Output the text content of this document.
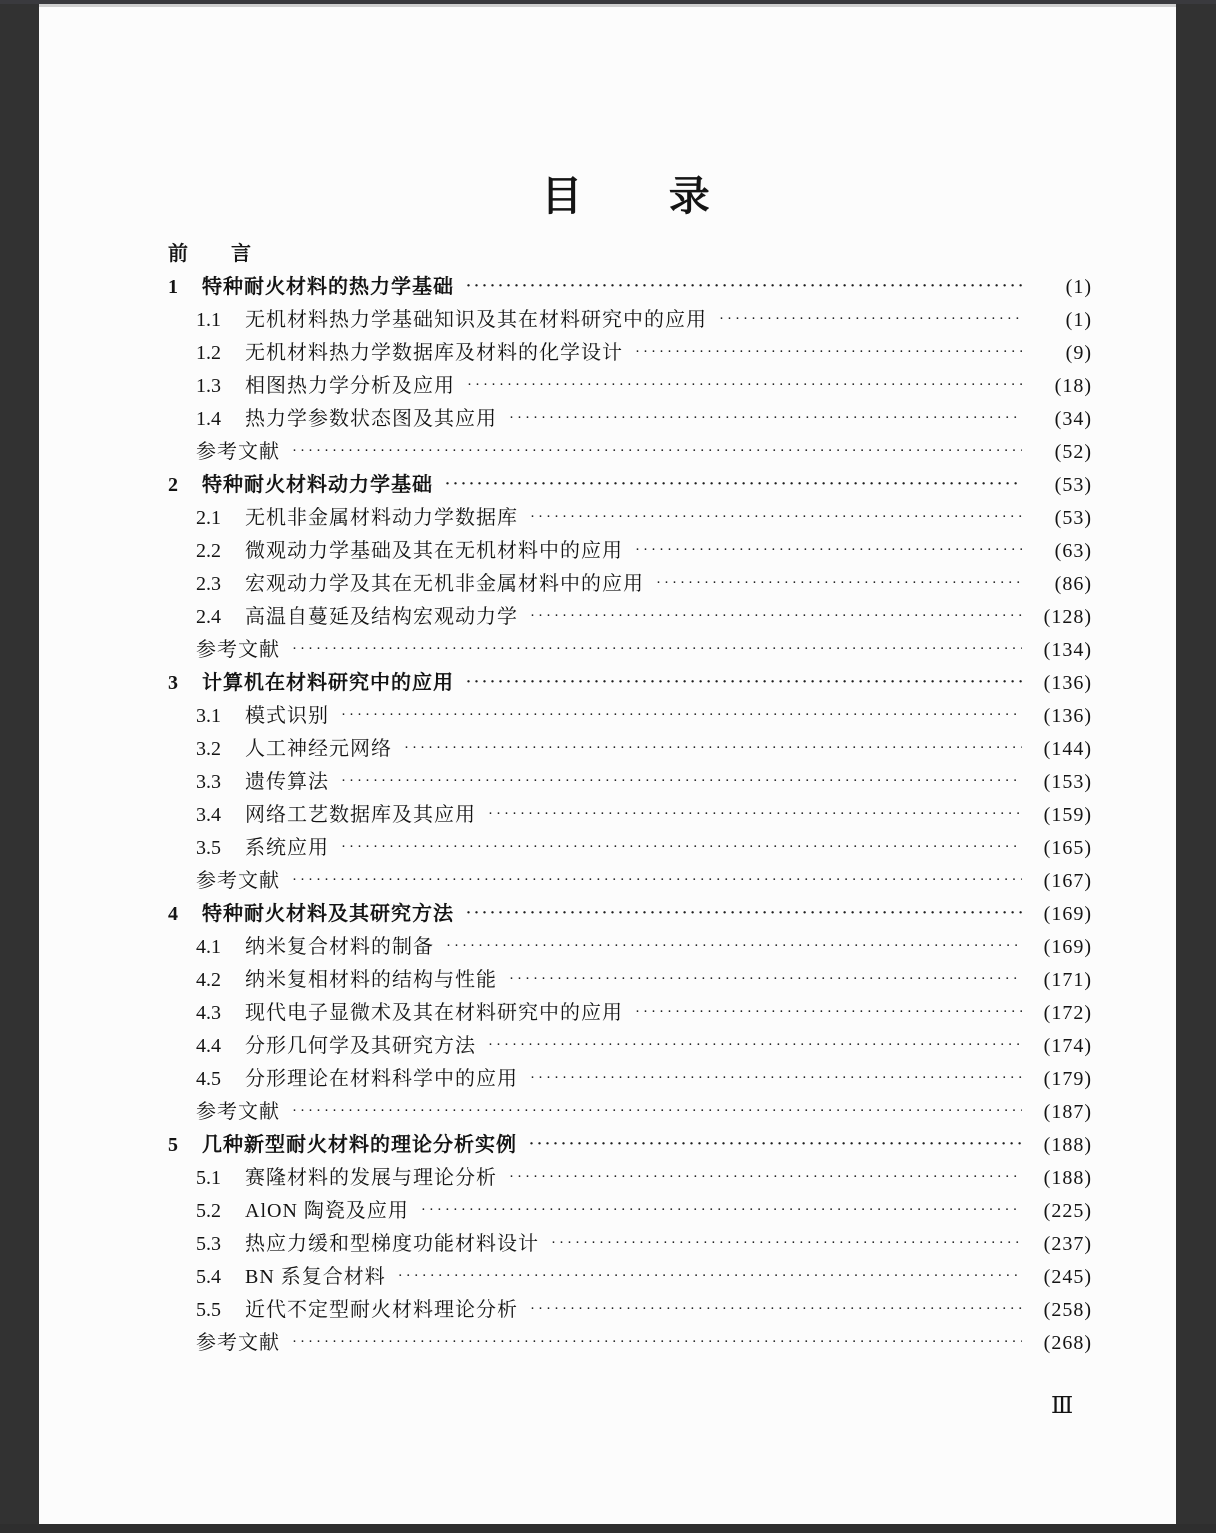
目  录
前  言
1	特种耐火材料的热力学基础 ·····	(1)
1.1	无机材料热力学基础知识及其在材料研究中的应用 ·····	(1)
1.2	无机材料热力学数据库及材料的化学设计 ·····	(9)
1.3	相图热力学分析及应用 ·····	(18)
1.4	热力学参数状态图及其应用 ·····	(34)
参考文献 ·····	(52)
2	特种耐火材料动力学基础 ·····	(53)
2.1	无机非金属材料动力学数据库 ·····	(53)
2.2	微观动力学基础及其在无机材料中的应用 ·····	(63)
2.3	宏观动力学及其在无机非金属材料中的应用 ·····	(86)
2.4	高温自蔓延及结构宏观动力学 ·····	(128)
参考文献 ·····	(134)
3	计算机在材料研究中的应用 ·····	(136)
3.1	模式识别 ·····	(136)
3.2	人工神经元网络 ·····	(144)
3.3	遗传算法 ·····	(153)
3.4	网络工艺数据库及其应用 ·····	(159)
3.5	系统应用 ·····	(165)
参考文献 ·····	(167)
4	特种耐火材料及其研究方法 ·····	(169)
4.1	纳米复合材料的制备 ·····	(169)
4.2	纳米复相材料的结构与性能 ·····	(171)
4.3	现代电子显微术及其在材料研究中的应用 ·····	(172)
4.4	分形几何学及其研究方法 ·····	(174)
4.5	分形理论在材料科学中的应用 ·····	(179)
参考文献 ·····	(187)
5	几种新型耐火材料的理论分析实例 ·····	(188)
5.1	赛隆材料的发展与理论分析 ·····	(188)
5.2	AlON 陶瓷及应用 ·····	(225)
5.3	热应力缓和型梯度功能材料设计 ·····	(237)
5.4	BN 系复合材料 ·····	(245)
5.5	近代不定型耐火材料理论分析 ·····	(258)
参考文献 ·····	(268)
Ⅲ
